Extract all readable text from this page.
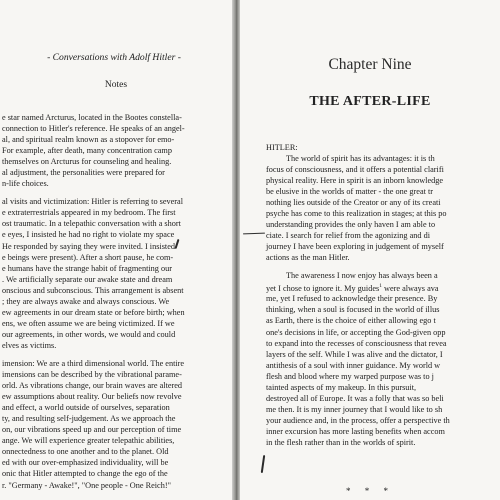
- Conversations with Adolf Hitler -
Notes
e star named Arcturus, located in the Bootes constella-
connection to Hitler's reference. He speaks of an angel-
al, and spiritual realm known as a stopover for emo-
For example, after death, many concentration camp
themselves on Arcturus for counseling and healing.
al adjustment, the personalities were prepared for
n-life choices.
al visits and victimization: Hitler is referring to several
e extraterrestrials appeared in my bedroom. The first
ost traumatic. In a telepathic conversation with a short
e eyes, I insisted he had no right to violate my space
He responded by saying they were invited. I insisted
e beings were present). After a short pause, he com-
e humans have the strange habit of fragmenting our
. We artificially separate our awake state and dream
onscious and subconscious. This arrangement is absent
; they are always awake and always conscious. We
ew agreements in our dream state or before birth; when
ens, we often assume we are being victimized. If we
our agreements, in other words, we would and could
elves as victims.
imension: We are a third dimensional world. The entire
imensions can be described by the vibrational parame-
orld. As vibrations change, our brain waves are altered
ew assumptions about reality. Our beliefs now revolve
and effect, a world outside of ourselves, separation
ty, and resulting self-judgement. As we approach the
on, our vibrations speed up and our perception of time
ange. We will experience greater telepathic abilities,
onnectedness to one another and to the planet. Old
ed with our over-emphasized individuality, will be
onic that Hitler attempted to change the ego of the
r. "Germany - Awake!", "One people - One Reich!"
Chapter Nine
THE AFTER-LIFE
HITLER:
The world of spirit has its advantages: it is th
focus of consciousness, and it offers a potential clarifi
physical reality. Here in spirit is an inborn knowledge
be elusive in the worlds of matter - the one great tr
nothing lies outside of the Creator or any of its creati
psyche has come to this realization in stages; at this po
understanding provides the only haven I am able to
ciate. I search for relief from the agonizing and di
journey I have been exploring in judgement of myself
actions as the man Hitler.
The awareness I now enjoy has always been a
yet I chose to ignore it. My guides$^1$ were always ava
me, yet I refused to acknowledge their presence. By
thinking, when a soul is focused in the world of illus
as Earth, there is the choice of either allowing ego t
one's decisions in life, or accepting the God-given opp
to expand into the recesses of consciousness that revea
layers of the self. While I was alive and the dictator, I
antithesis of a soul with inner guidance. My world w
flesh and blood where my warped purpose was to j
tainted aspects of my makeup. In this pursuit,
destroyed all of Europe. It was a folly that was so beli
me then. It is my inner journey that I would like to sh
your audience and, in the process, offer a perspective th
inner excursion has more lasting benefits when accom
in the flesh rather than in the worlds of spirit.
* * *
